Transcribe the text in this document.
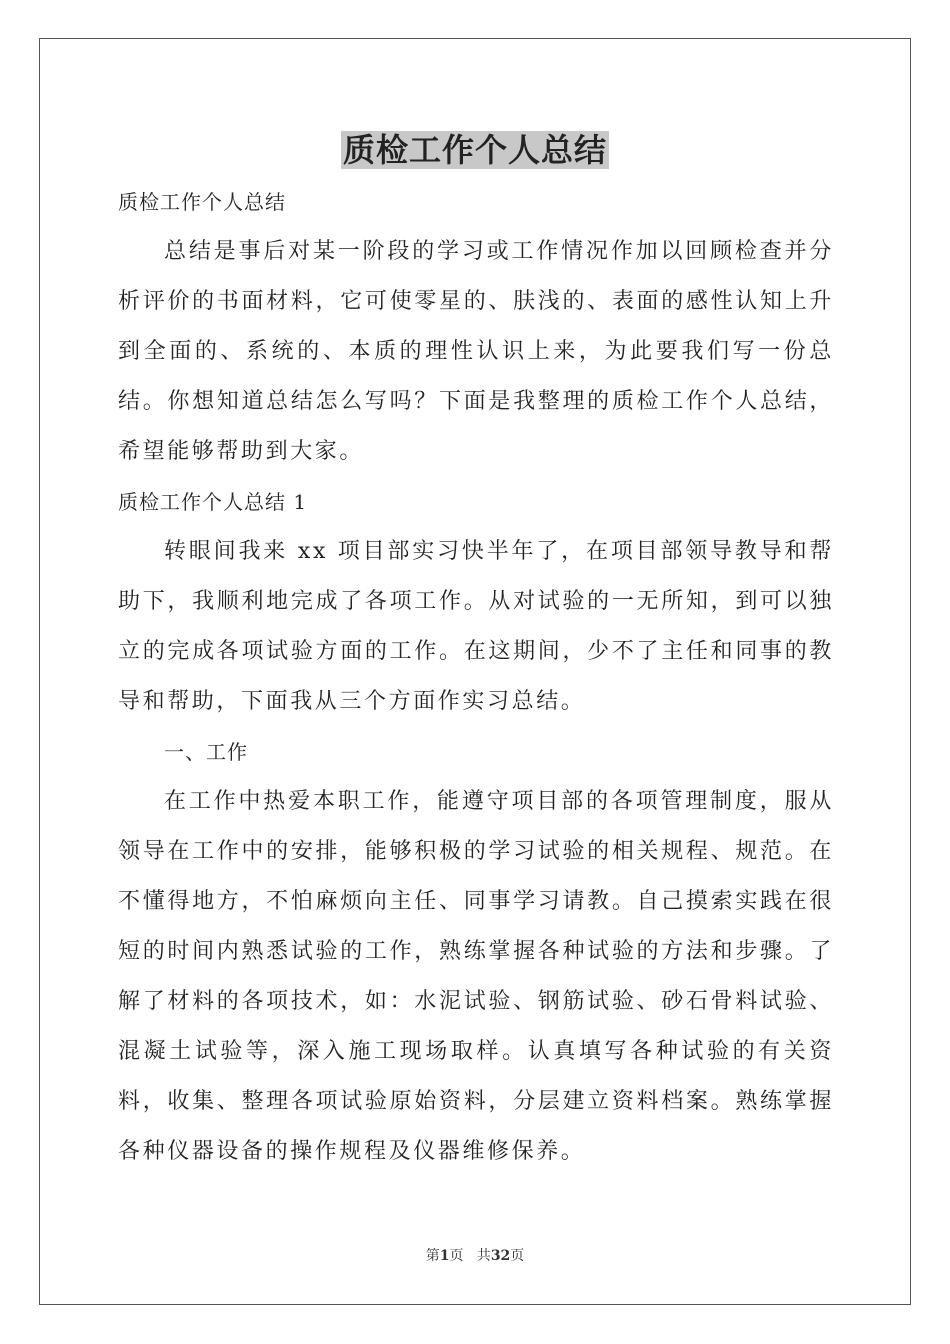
质检工作个人总结

质检工作个人总结

总结是事后对某一阶段的学习或工作情况作加以回顾检查并分析评价的书面材料，它可使零星的、肤浅的、表面的感性认知上升到全面的、系统的、本质的理性认识上来，为此要我们写一份总结。你想知道总结怎么写吗？下面是我整理的质检工作个人总结，希望能够帮助到大家。

质检工作个人总结 1

转眼间我来 xx 项目部实习快半年了，在项目部领导教导和帮助下，我顺利地完成了各项工作。从对试验的一无所知，到可以独立的完成各项试验方面的工作。在这期间，少不了主任和同事的教导和帮助，下面我从三个方面作实习总结。

一、工作

在工作中热爱本职工作，能遵守项目部的各项管理制度，服从领导在工作中的安排，能够积极的学习试验的相关规程、规范。在不懂得地方，不怕麻烦向主任、同事学习请教。自己摸索实践在很短的时间内熟悉试验的工作，熟练掌握各种试验的方法和步骤。了解了材料的各项技术，如：水泥试验、钢筋试验、砂石骨料试验、混凝土试验等，深入施工现场取样。认真填写各种试验的有关资料，收集、整理各项试验原始资料，分层建立资料档案。熟练掌握各种仪器设备的操作规程及仪器维修保养。

第1页   共32页
